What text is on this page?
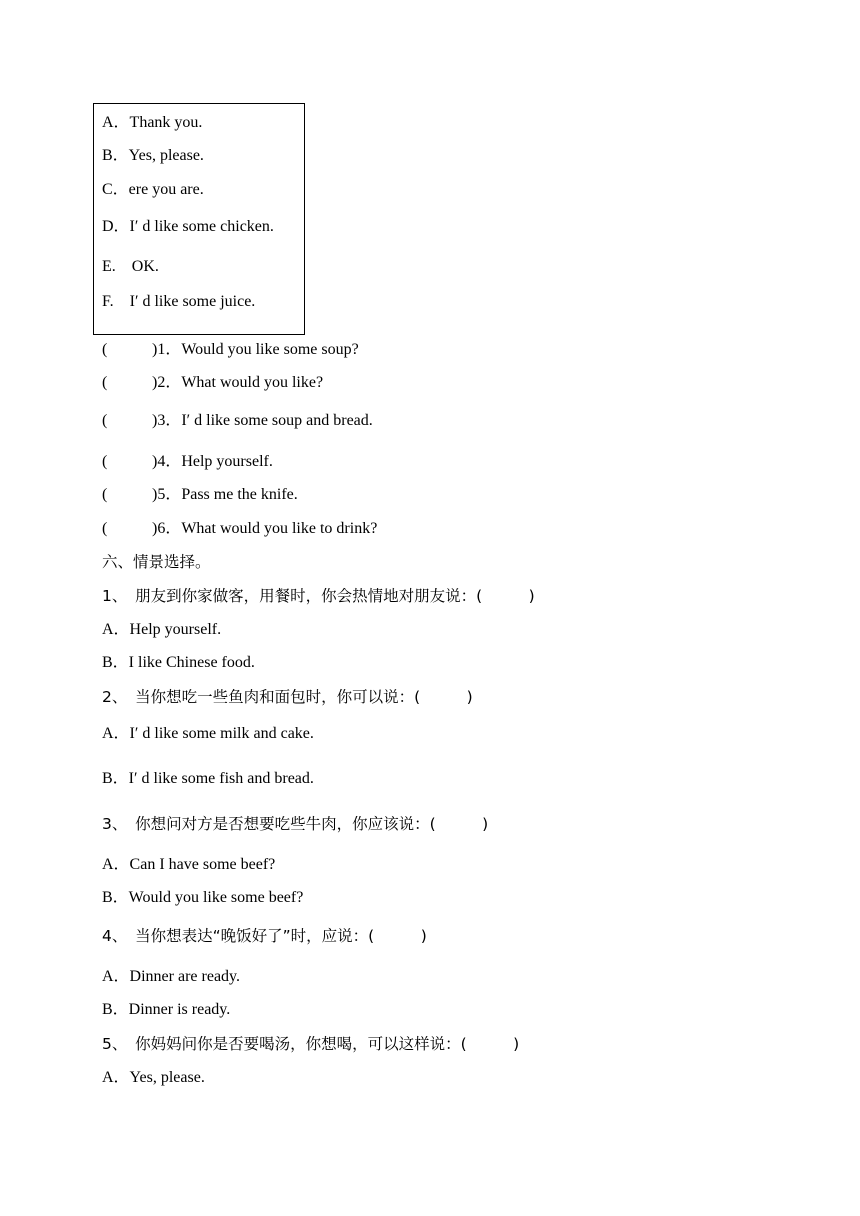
A．Thank you.
B．Yes, please.
C．ere you are.
D．I′ d like some chicken.
E.　OK.
F.　I′ d like some juice.
(	)1．Would you like some soup?
(	)2．What would you like?
(	)3．I′ d like some soup and bread.
(	)4．Help yourself.
(	)5．Pass me the knife.
(	)6．What would you like to drink?
六、情景选择。
1、　朋友到你家做客，用餐时，你会热情地对朋友说：(　　　)
A．Help yourself.
B．I like Chinese food.
2、　当你想吃一些鱼肉和面包时，你可以说：(　　　)
A．I′ d like some milk and cake.
B．I′ d like some fish and bread.
3、　你想问对方是否想要吃些牛肉，你应该说：(　　　)
A．Can I have some beef?
B．Would you like some beef?
4、　当你想表达“晚饭好了”时，应说：(　　　)
A．Dinner are ready.
B．Dinner is ready.
5、　你妈妈问你是否要喝汤，你想喝，可以这样说：(　　　)
A．Yes, please.
